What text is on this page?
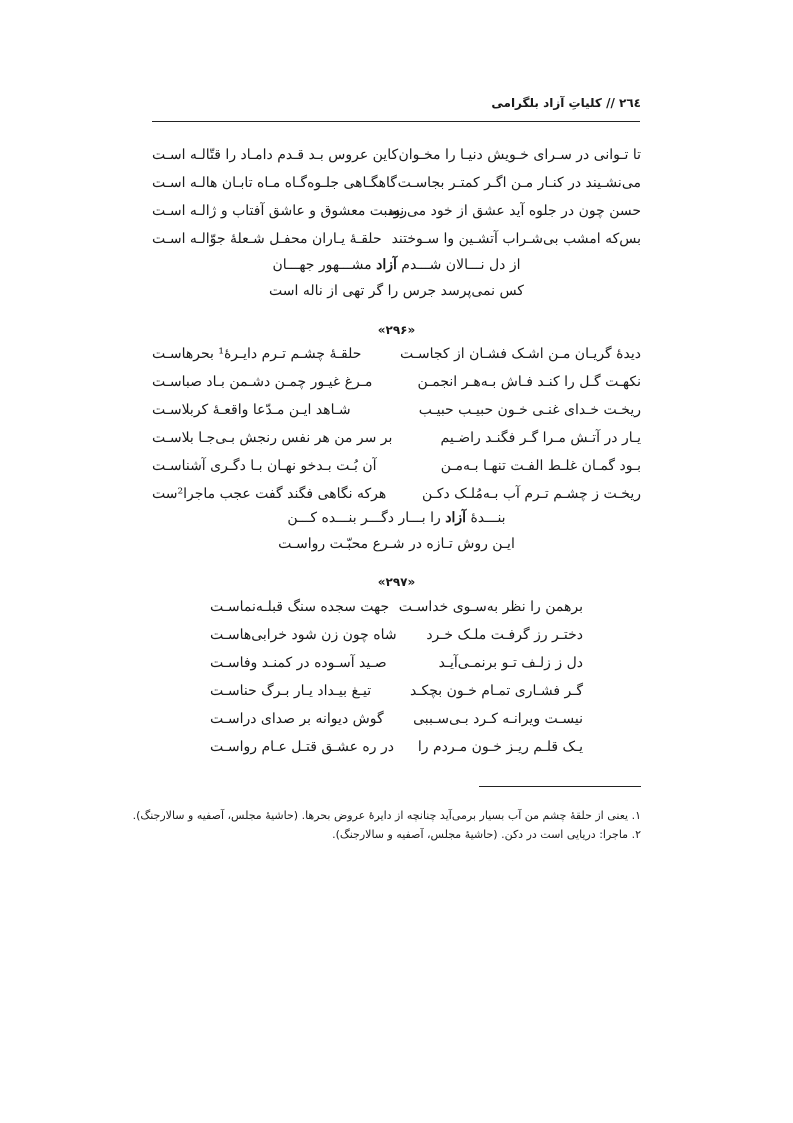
٢٦٤ // کلیاتِ آزاد بلگرامی
تا تـوانی در سـرای خـویش دنیـا را مخـوان
کاین عروس بـد قـدم دامـاد را قتّالـه اسـت
می‌نشـیند در کنـار مـن اگـر کمتـر بجاسـت
گاهگـاهی جلـوه‌گـاه مـاه تابـان هالـه اسـت
حسن چون در جلوه آید عشق از خود می‌رود
نسبت معشوق و عاشق آفتاب و ژالـه اسـت
بس‌که امشب بی‌شـراب آتشـین وا سـوختند
حلقـهٔ یـاران محفـل شـعلهٔ جوّالـه اسـت
از دل نـــالان شـــدم آزاد مشـــهور جهـــان
کس نمی‌پرسد جرس را گر تهی از ناله است
«۲۹۶»
دیدهٔ گریـان مـن اشـک فشـان از کجاسـت
حلقـهٔ چشـم تـرم دایـرهٔ¹ بحرهاسـت
نکهـت گـل را کنـد فـاش بـه‌هـر انجمـن
مـرغ غیـور چمـن دشـمن بـاد صباسـت
ریخـت خـدای غنـی خـون حبیـب حبیـب
شـاهد ایـن مـدّعا واقعـهٔ کربلاسـت
یـار در آتـش مـرا گـر فگنـد راضـیم
بر سر من هر نفس رنجش بـی‌جـا بلاسـت
بـود گمـان غلـط الفـت تنهـا بـه‌مـن
آن بُـت بـدخو نهـان بـا دگـری آشناسـت
ریخـت ز چشـم تـرم آب بـه‌مُلـک دکـن
هرکه نگاهی فگند گفت عجب ماجرا²ست
بنـــدهٔ آزاد را بـــار دگـــر بنـــده کـــن
ایـن روش تـازه در شـرع محبّـت رواسـت
«۲۹۷»
برهمن را نظر به‌سـوی خداسـت
جهت سجده سنگ قبلـه‌نماسـت
دختـر رز گرفـت ملـک خـرد
شاه چون زن شود خرابی‌هاسـت
دل ز زلـف تـو برنمـی‌آیـد
صـید آسـوده در کمنـد وفاسـت
گـر فشـاری تمـام خـون بچکـد
تیـغ بیـداد یـار بـرگ حناسـت
نیسـت ویرانـه کـرد بـی‌سـببی
گوش دیوانه بر صدای دراسـت
یـک قلـم ریـز خـون مـردم را
در ره عشـق قتـل عـام رواسـت
۱. یعنی از حلقهٔ چشم من آب بسیار برمی‌آید چنانچه از دایرهٔ عروض بحرها. (حاشیهٔ مجلس، آصفیه و سالارجنگ).
۲. ماجرا: دریایی است در دکن. (حاشیهٔ مجلس، آصفیه و سالارجنگ).
